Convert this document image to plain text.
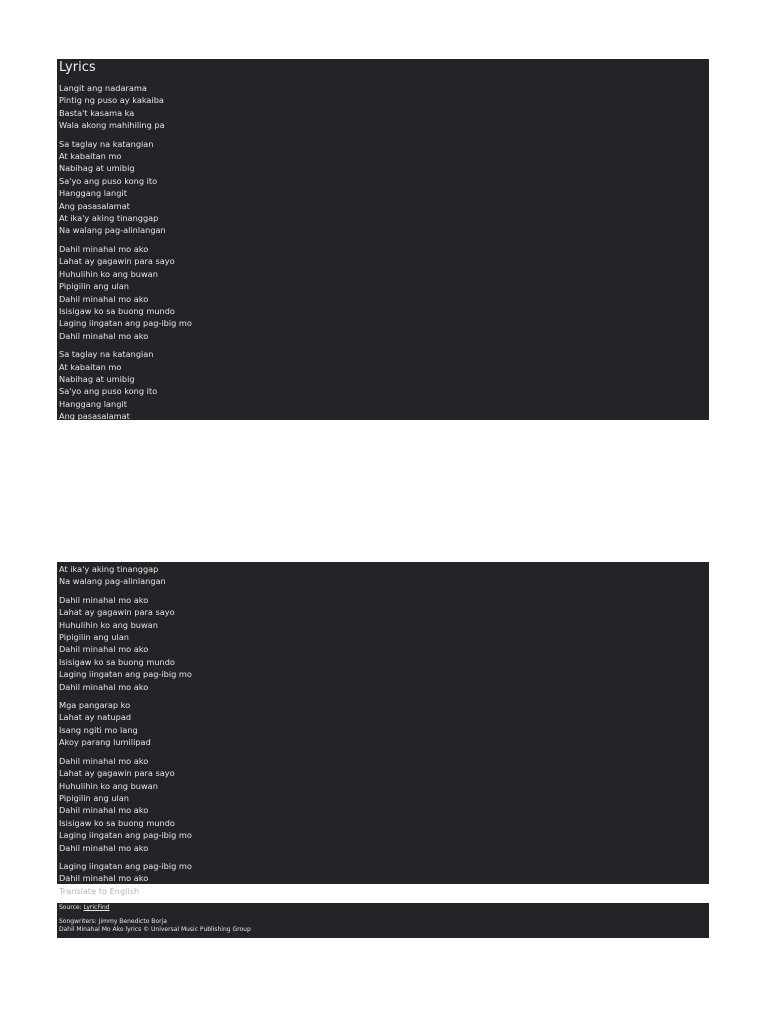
Lyrics
Langit ang nadarama
Pintig ng puso ay kakaiba
Basta't kasama ka
Wala akong mahihiling pa
Sa taglay na katangian
At kabaitan mo
Nabihag at umibig
Sa'yo ang puso kong ito
Hanggang langit
Ang pasasalamat
At ika'y aking tinanggap
Na walang pag-alinlangan
Dahil minahal mo ako
Lahat ay gagawin para sayo
Huhulihin ko ang buwan
Pipigilin ang ulan
Dahil minahal mo ako
Isisigaw ko sa buong mundo
Laging iingatan ang pag-ibig mo
Dahil minahal mo ako
Sa taglay na katangian
At kabaitan mo
Nabihag at umibig
Sa'yo ang puso kong ito
Hanggang langit
Ang pasasalamat
At ika'y aking tinanggap
Na walang pag-alinlangan
Dahil minahal mo ako
Lahat ay gagawin para sayo
Huhulihin ko ang buwan
Pipigilin ang ulan
Dahil minahal mo ako
Isisigaw ko sa buong mundo
Laging iingatan ang pag-ibig mo
Dahil minahal mo ako
Mga pangarap ko
Lahat ay natupad
Isang ngiti mo lang
Akoy parang lumilipad
Dahil minahal mo ako
Lahat ay gagawin para sayo
Huhulihin ko ang buwan
Pipigilin ang ulan
Dahil minahal mo ako
Isisigaw ko sa buong mundo
Laging iingatan ang pag-ibig mo
Dahil minahal mo ako
Laging iingatan ang pag-ibig mo
Dahil minahal mo ako
Translate to English
Source: LyricFind
Songwriters: Jimmy Benedicto Borja
Dahil Minahal Mo Ako lyrics © Universal Music Publishing Group
